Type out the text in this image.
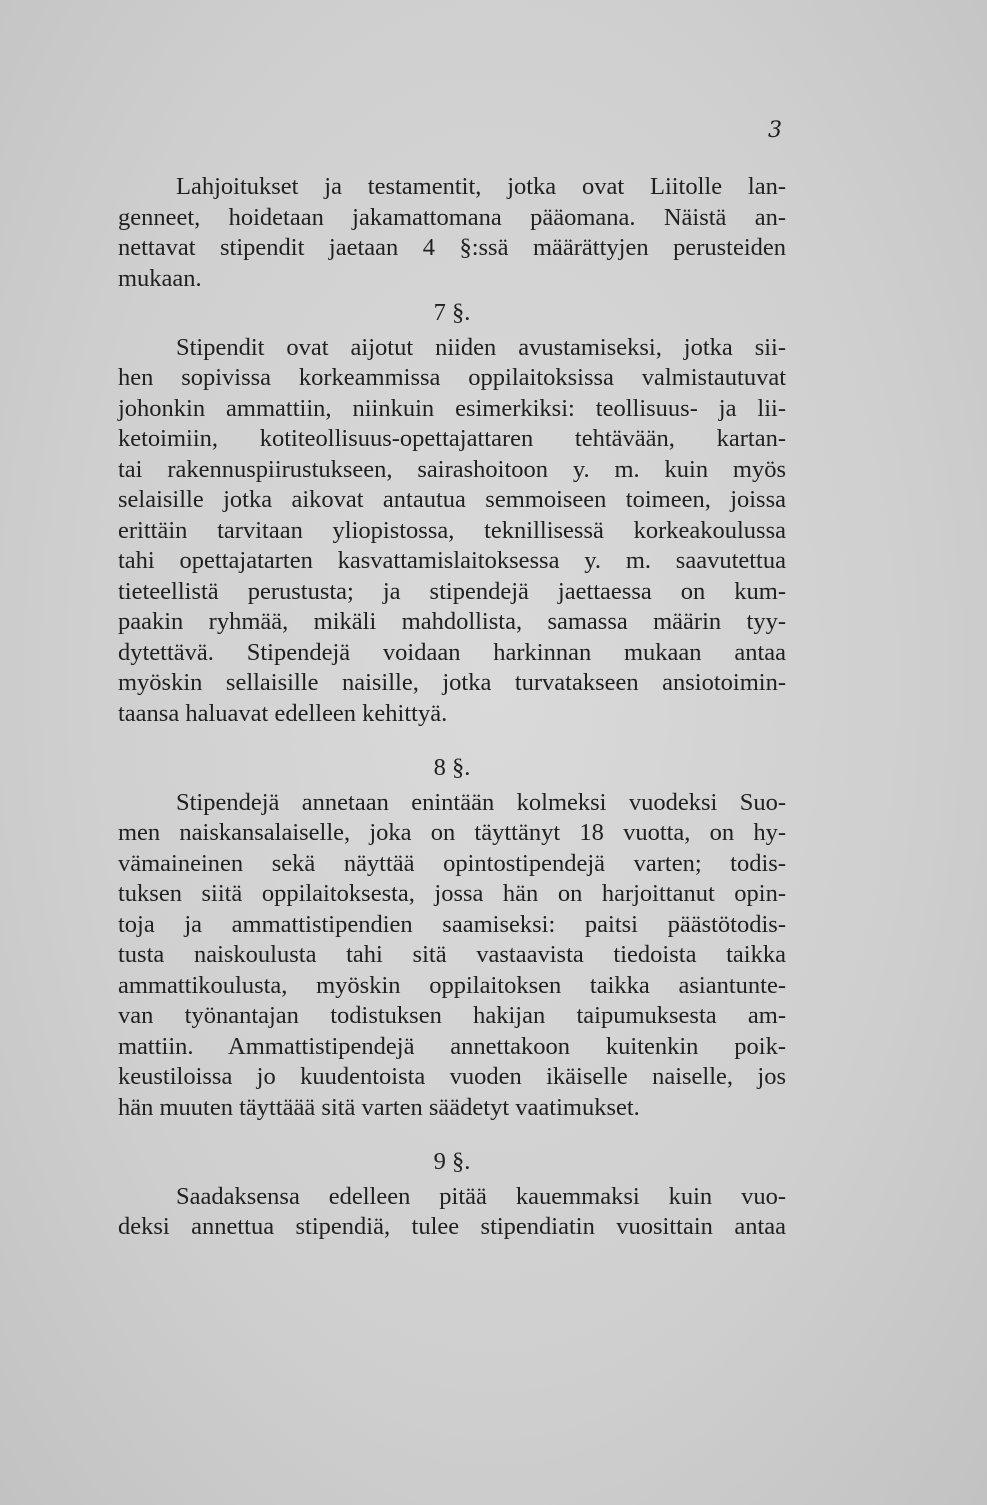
3
Lahjoitukset ja testamentit, jotka ovat Liitolle lan-
genneet, hoidetaan jakamattomana pääomana. Näistä an-
nettavat stipendit jaetaan 4 §:ssä määrättyjen perusteiden
mukaan.
7 §.
Stipendit ovat aijotut niiden avustamiseksi, jotka sii-
hen sopivissa korkeammissa oppilaitoksissa valmistautuvat
johonkin ammattiin, niinkuin esimerkiksi: teollisuus- ja lii-
ketoimiin, kotiteollisuus-opettajattaren tehtävään, kartan-
tai rakennuspiirustukseen, sairashoitoon y. m. kuin myös
selaisille jotka aikovat antautua semmoiseen toimeen, joissa
erittäin tarvitaan yliopistossa, teknillisessä korkeakoulussa
tahi opettajatarten kasvattamislaitoksessa y. m. saavutettua
tieteellistä perustusta; ja stipendejä jaettaessa on kum-
paakin ryhmää, mikäli mahdollista, samassa määrin tyy-
dytettävä. Stipendejä voidaan harkinnan mukaan antaa
myöskin sellaisille naisille, jotka turvatakseen ansiotoimin-
taansa haluavat edelleen kehittyä.
8 §.
Stipendejä annetaan enintään kolmeksi vuodeksi Suo-
men naiskansalaiselle, joka on täyttänyt 18 vuotta, on hy-
vämaineinen sekä näyttää opintostipendejä varten; todis-
tuksen siitä oppilaitoksesta, jossa hän on harjoittanut opin-
toja ja ammattistipendien saamiseksi: paitsi päästötodis-
tusta naiskoulusta tahi sitä vastaavista tiedoista taikka
ammattikoulusta, myöskin oppilaitoksen taikka asiantunte-
van työnantajan todistuksen hakijan taipumuksesta am-
mattiin. Ammattistipendejä annettakoon kuitenkin poik-
keustiloissa jo kuudentoista vuoden ikäiselle naiselle, jos
hän muuten täyttäää sitä varten säädetyt vaatimukset.
9 §.
Saadaksensa edelleen pitää kauemmaksi kuin vuo-
deksi annettua stipendiä, tulee stipendiatin vuosittain antaa
